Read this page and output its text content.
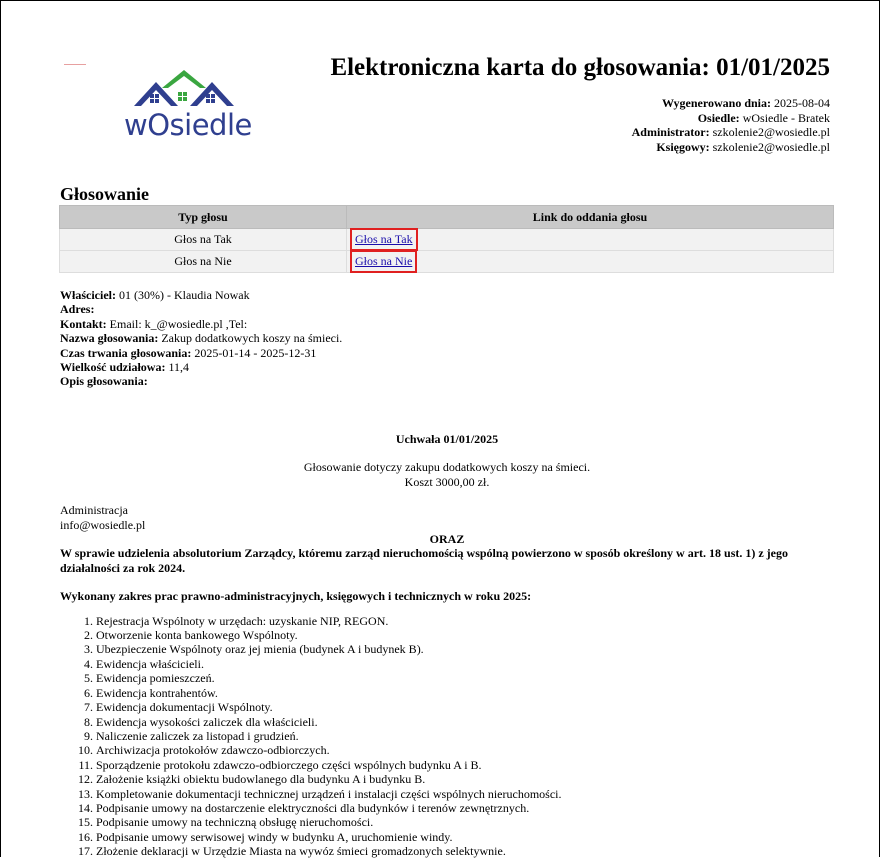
wOsiedle
Elektroniczna karta do głosowania: 01/01/2025
Wygenerowano dnia: 2025-08-04
Osiedle: wOsiedle - Bratek
Administrator: szkolenie2@wosiedle.pl
Księgowy: szkolenie2@wosiedle.pl
Głosowanie
Typ głosu	Link do oddania głosu
Głos na Tak	Głos na Tak
Głos na Nie	Głos na Nie
Właściciel: 01 (30%) - Klaudia Nowak
Adres:
Kontakt: Email: k_@wosiedle.pl ,Tel:
Nazwa głosowania: Zakup dodatkowych koszy na śmieci.
Czas trwania głosowania: 2025-01-14 - 2025-12-31
Wielkość udziałowa: 11,4
Opis głosowania:
Uchwała 01/01/2025
Głosowanie dotyczy zakupu dodatkowych koszy na śmieci.
Koszt 3000,00 zł.
Administracja
info@wosiedle.pl
ORAZ
W sprawie udzielenia absolutorium Zarządcy, któremu zarząd nieruchomością wspólną powierzono w sposób określony w art. 18 ust. 1) z jego działalności za rok 2024.
Wykonany zakres prac prawno-administracyjnych, księgowych i technicznych w roku 2025:
1. Rejestracja Wspólnoty w urzędach: uzyskanie NIP, REGON.
2. Otworzenie konta bankowego Wspólnoty.
3. Ubezpieczenie Wspólnoty oraz jej mienia (budynek A i budynek B).
4. Ewidencja właścicieli.
5. Ewidencja pomieszczeń.
6. Ewidencja kontrahentów.
7. Ewidencja dokumentacji Wspólnoty.
8. Ewidencja wysokości zaliczek dla właścicieli.
9. Naliczenie zaliczek za listopad i grudzień.
10. Archiwizacja protokołów zdawczo-odbiorczych.
11. Sporządzenie protokołu zdawczo-odbiorczego części wspólnych budynku A i B.
12. Założenie książki obiektu budowlanego dla budynku A i budynku B.
13. Kompletowanie dokumentacji technicznej urządzeń i instalacji części wspólnych nieruchomości.
14. Podpisanie umowy na dostarczenie elektryczności dla budynków i terenów zewnętrznych.
15. Podpisanie umowy na techniczną obsługę nieruchomości.
16. Podpisanie umowy serwisowej windy w budynku A, uruchomienie windy.
17. Złożenie deklaracji w Urzędzie Miasta na wywóz śmieci gromadzonych selektywnie.
